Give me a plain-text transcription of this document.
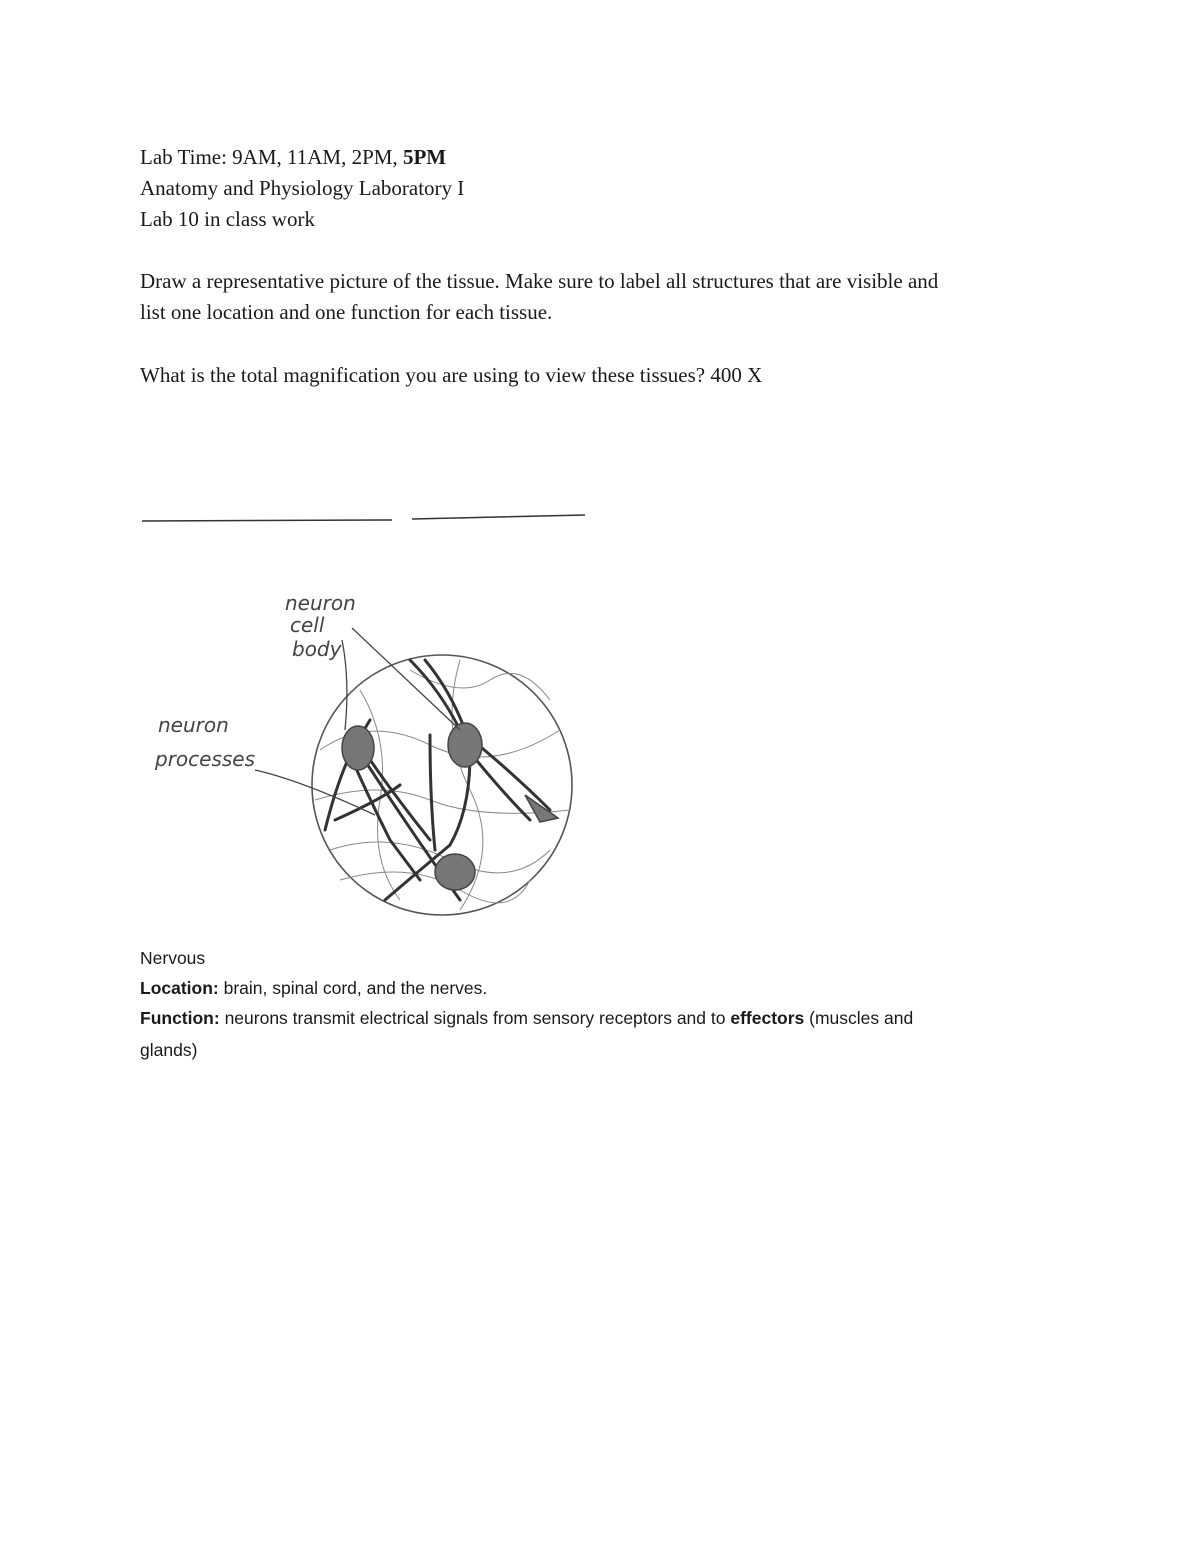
Lab Time: 9AM, 11AM, 2PM, 5PM

Anatomy and Physiology Laboratory I

Lab 10 in class work

Draw a representative picture of the tissue. Make sure to label all structures that are visible and

list one location and one function for each tissue.

What is the total magnification you are using to view these tissues? 400 X

neuron cell body
neuron processes

Nervous

Location: brain, spinal cord, and the nerves.

Function: neurons transmit electrical signals from sensory receptors and to effectors (muscles and

glands)
